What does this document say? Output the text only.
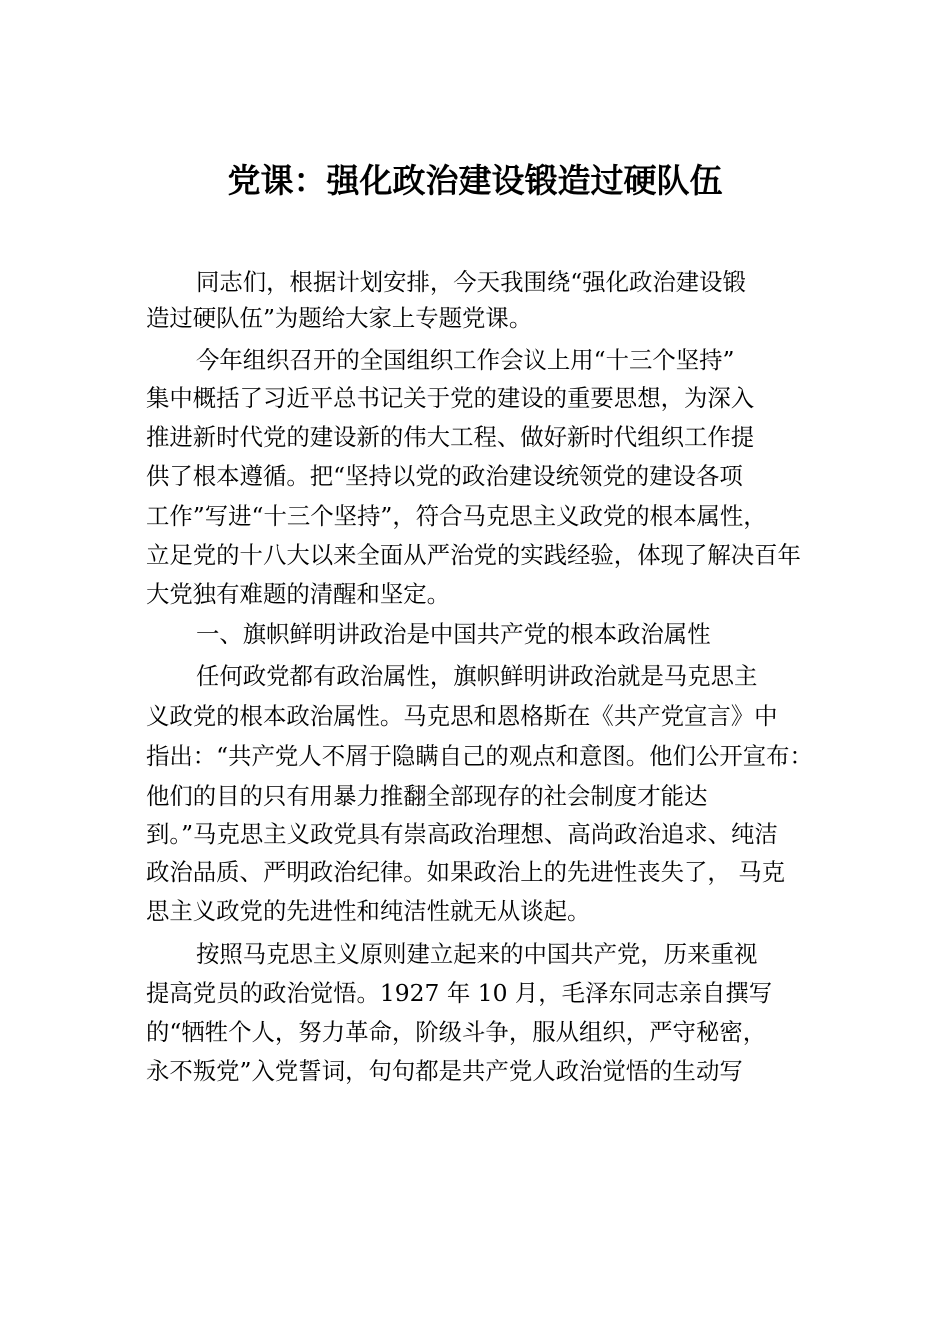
党课：强化政治建设锻造过硬队伍
同志们，根据计划安排，今天我围绕“强化政治建设锻
造过硬队伍”为题给大家上专题党课。
今年组织召开的全国组织工作会议上用“十三个坚持”
集中概括了习近平总书记关于党的建设的重要思想，为深入
推进新时代党的建设新的伟大工程、做好新时代组织工作提
供了根本遵循。把“坚持以党的政治建设统领党的建设各项
工作”写进“十三个坚持”，符合马克思主义政党的根本属性，
立足党的十八大以来全面从严治党的实践经验，体现了解决百年
大党独有难题的清醒和坚定。
一、旗帜鲜明讲政治是中国共产党的根本政治属性
任何政党都有政治属性，旗帜鲜明讲政治就是马克思主
义政党的根本政治属性。马克思和恩格斯在《共产党宣言》中
指出：“共产党人不屑于隐瞒自己的观点和意图。他们公开宣布：
他们的目的只有用暴力推翻全部现存的社会制度才能达
到。”马克思主义政党具有崇高政治理想、高尚政治追求、纯洁
政治品质、严明政治纪律。如果政治上的先进性丧失了， 马克
思主义政党的先进性和纯洁性就无从谈起。
按照马克思主义原则建立起来的中国共产党，历来重视
提高党员的政治觉悟。1927 年 10 月，毛泽东同志亲自撰写
的“牺牲个人，努力革命，阶级斗争，服从组织，严守秘密，
永不叛党”入党誓词，句句都是共产党人政治觉悟的生动写
